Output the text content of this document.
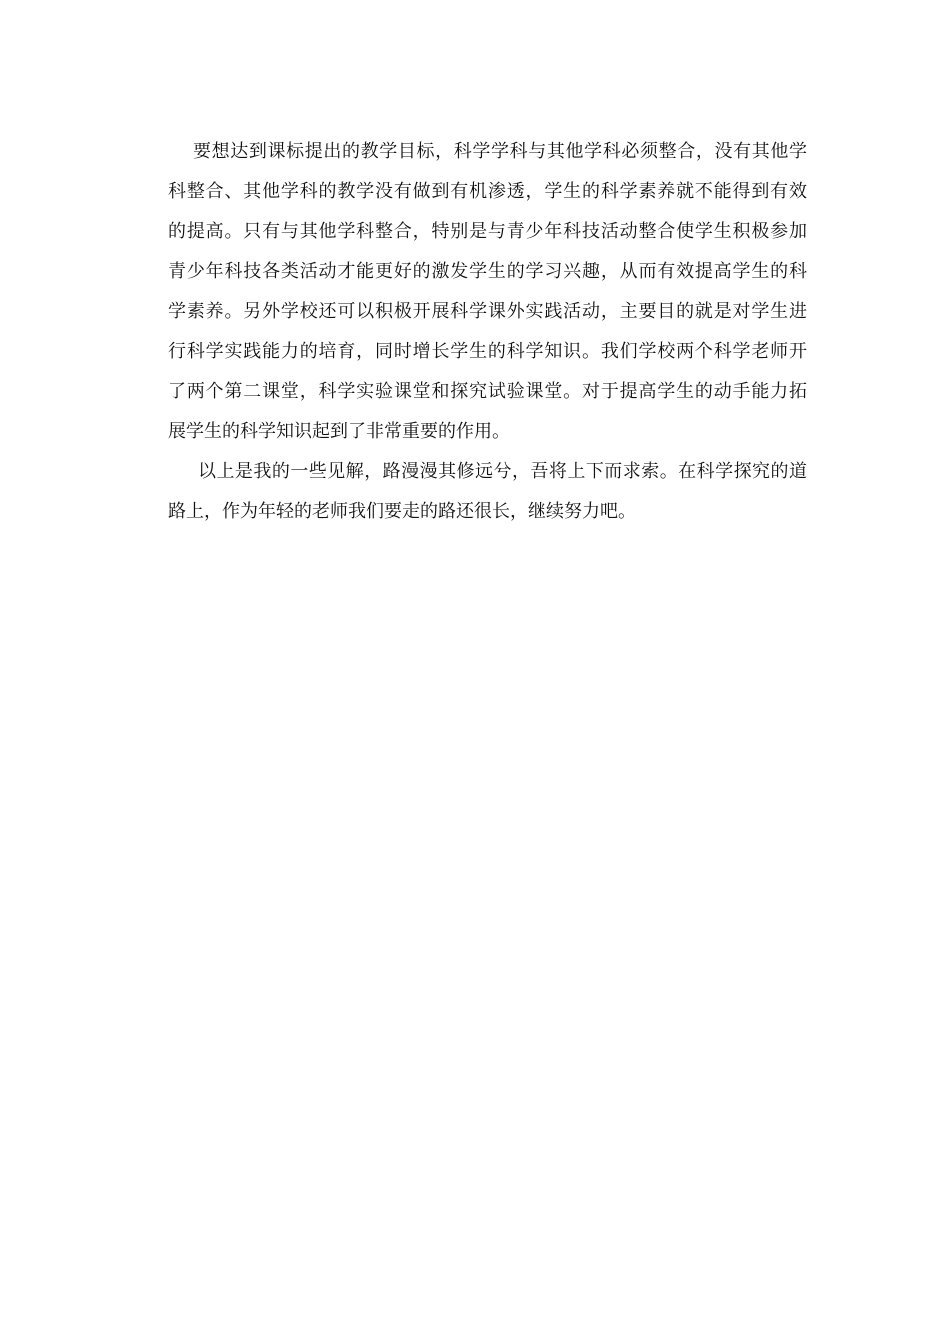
要想达到课标提出的教学目标，科学学科与其他学科必须整合，没有其他学
科整合、其他学科的教学没有做到有机渗透，学生的科学素养就不能得到有效
的提高。只有与其他学科整合，特别是与青少年科技活动整合使学生积极参加
青少年科技各类活动才能更好的激发学生的学习兴趣，从而有效提高学生的科
学素养。另外学校还可以积极开展科学课外实践活动，主要目的就是对学生进
行科学实践能力的培育，同时增长学生的科学知识。我们学校两个科学老师开
了两个第二课堂，科学实验课堂和探究试验课堂。对于提高学生的动手能力拓
展学生的科学知识起到了非常重要的作用。
以上是我的一些见解，路漫漫其修远兮，吾将上下而求索。在科学探究的道
路上，作为年轻的老师我们要走的路还很长，继续努力吧。
